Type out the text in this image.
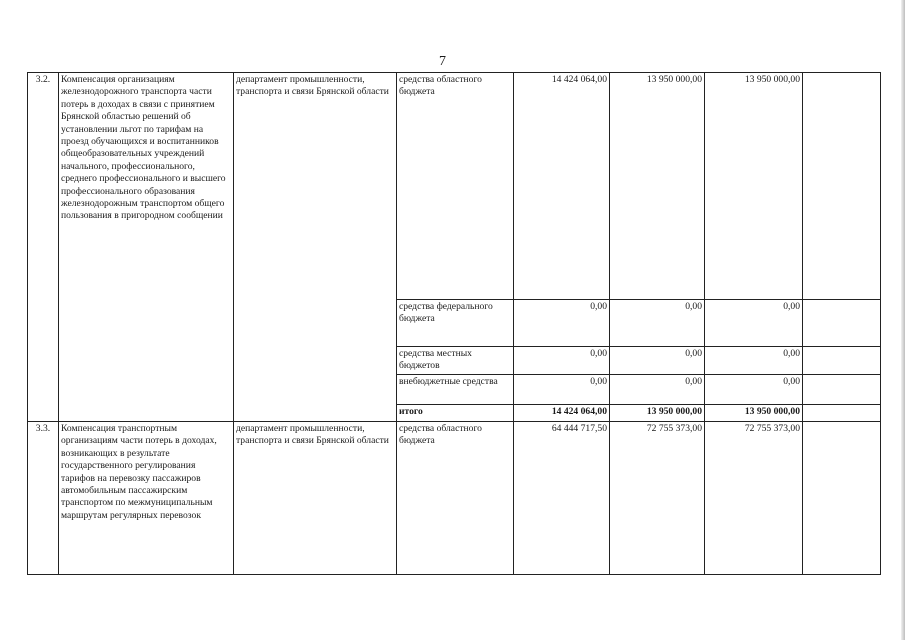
7
3.2.	Компенсация организациям железнодорожного транспорта части потерь в доходах в связи с принятием Брянской областью решений об установлении льгот по тарифам на проезд обучающихся и воспитанников общеобразовательных учреждений начального, профессионального, среднего профессионального и высшего профессионального образования железнодорожным транспортом общего пользования в пригородном сообщении	департамент промышленности, транспорта и связи Брянской области	средства областного бюджета	14 424 064,00	13 950 000,00	13 950 000,00	
			средства федерального бюджета	0,00	0,00	0,00	
			средства местных бюджетов	0,00	0,00	0,00	
			внебюджетные средства	0,00	0,00	0,00	
			итого	14 424 064,00	13 950 000,00	13 950 000,00	
3.3.	Компенсация транспортным организациям части потерь в доходах, возникающих в результате государственного регулирования тарифов на перевозку пассажиров автомобильным пассажирским транспортом по межмуниципальным маршрутам регулярных перевозок	департамент промышленности, транспорта и связи Брянской области	средства областного бюджета	64 444 717,50	72 755 373,00	72 755 373,00	
